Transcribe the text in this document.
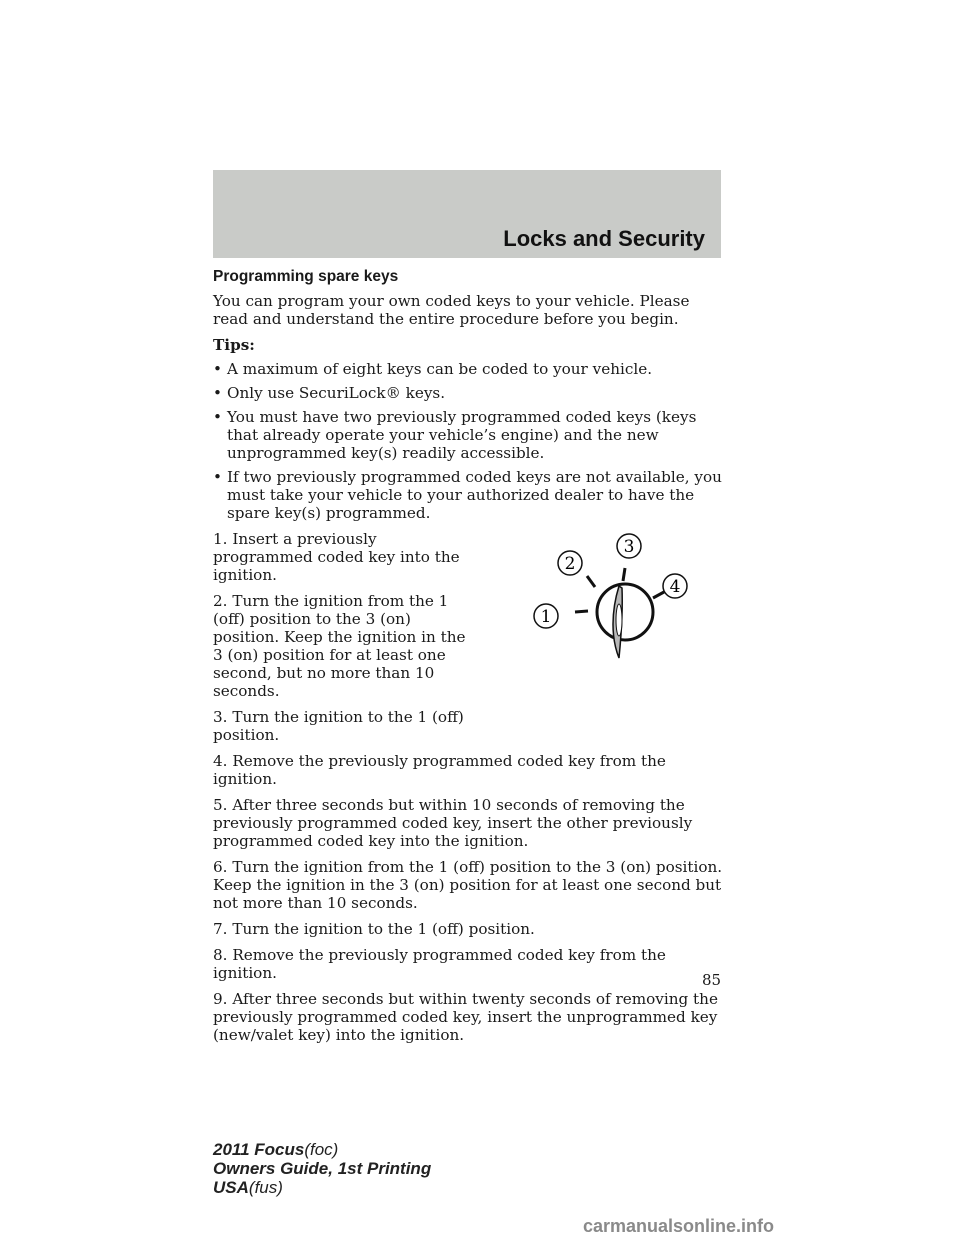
Locks and Security
Programming spare keys

You can program your own coded keys to your vehicle. Please read and understand the entire procedure before you begin.

Tips:

• A maximum of eight keys can be coded to your vehicle.
• Only use SecuriLock® keys.
• You must have two previously programmed coded keys (keys that already operate your vehicle’s engine) and the new unprogrammed key(s) readily accessible.
• If two previously programmed coded keys are not available, you must take your vehicle to your authorized dealer to have the spare key(s) programmed.

1. Insert a previously programmed coded key into the ignition.

2. Turn the ignition from the 1 (off) position to the 3 (on) position. Keep the ignition in the 3 (on) position for at least one second, but no more than 10 seconds.

3. Turn the ignition to the 1 (off) position.

1
2
3
4

4. Remove the previously programmed coded key from the ignition.

5. After three seconds but within 10 seconds of removing the previously programmed coded key, insert the other previously programmed coded key into the ignition.

6. Turn the ignition from the 1 (off) position to the 3 (on) position. Keep the ignition in the 3 (on) position for at least one second but not more than 10 seconds.

7. Turn the ignition to the 1 (off) position.

8. Remove the previously programmed coded key from the ignition.

9. After three seconds but within twenty seconds of removing the previously programmed coded key, insert the unprogrammed key (new/valet key) into the ignition.

85
2011 Focus(foc)
Owners Guide, 1st Printing
USA(fus)
carmanualsonline.info
